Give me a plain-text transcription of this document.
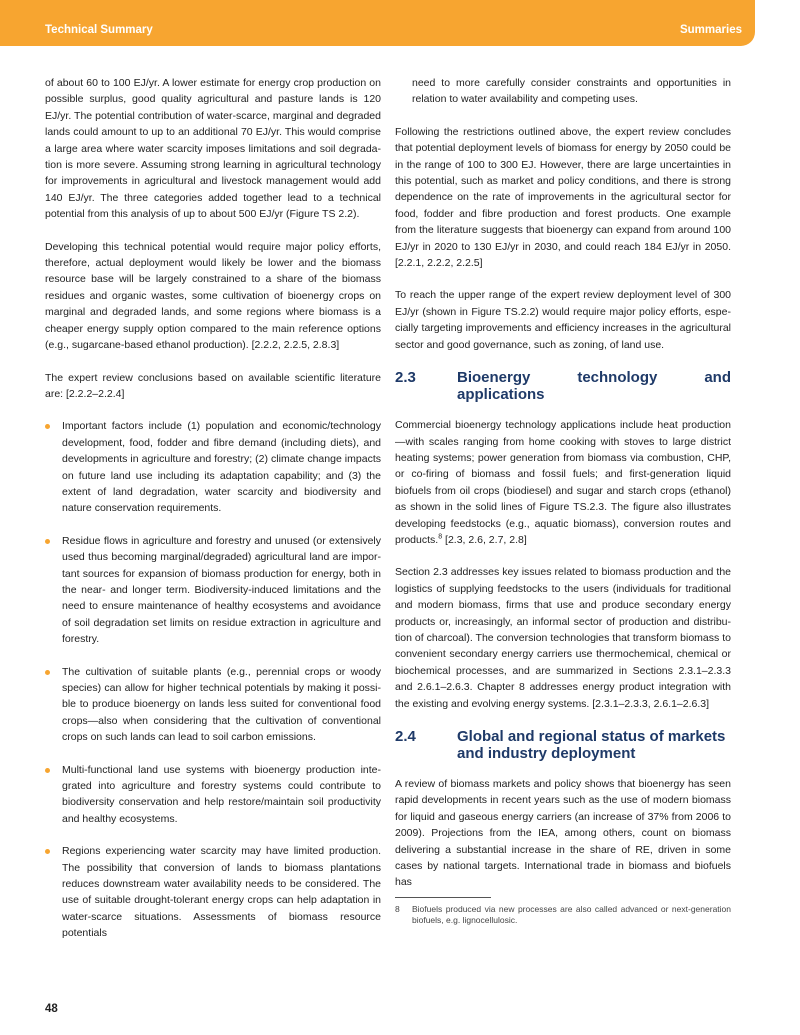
Technical Summary	Summaries

of about 60 to 100 EJ/yr. A lower estimate for energy crop production on possible surplus, good quality agricultural and pasture lands is 120 EJ/yr. The potential contribution of water-scarce, marginal and degraded lands could amount to up to an additional 70 EJ/yr. This would comprise a large area where water scarcity imposes limitations and soil degradation is more severe. Assuming strong learning in agricultural technology for improvements in agricultural and livestock management would add 140 EJ/yr. The three categories added together lead to a technical potential from this analysis of up to about 500 EJ/yr (Figure TS 2.2).

Developing this technical potential would require major policy efforts, therefore, actual deployment would likely be lower and the biomass resource base will be largely constrained to a share of the biomass residues and organic wastes, some cultivation of bioenergy crops on marginal and degraded lands, and some regions where biomass is a cheaper energy supply option compared to the main reference options (e.g., sugarcane-based ethanol production). [2.2.2, 2.2.5, 2.8.3]

The expert review conclusions based on available scientific literature are: [2.2.2–2.2.4]

Important factors include (1) population and economic/technology development, food, fodder and fibre demand (including diets), and developments in agriculture and forestry; (2) climate change impacts on future land use including its adaptation capability; and (3) the extent of land degradation, water scarcity and biodiversity and nature conservation requirements.
Residue flows in agriculture and forestry and unused (or extensively used thus becoming marginal/degraded) agricultural land are important sources for expansion of biomass production for energy, both in the near- and longer term. Biodiversity-induced limitations and the need to ensure maintenance of healthy ecosystems and avoidance of soil degradation set limits on residue extraction in agriculture and forestry.
The cultivation of suitable plants (e.g., perennial crops or woody species) can allow for higher technical potentials by making it possible to produce bioenergy on lands less suited for conventional food crops—also when considering that the cultivation of conventional crops on such lands can lead to soil carbon emissions.
Multi-functional land use systems with bioenergy production integrated into agriculture and forestry systems could contribute to biodiversity conservation and help restore/maintain soil productivity and healthy ecosystems.
Regions experiencing water scarcity may have limited production. The possibility that conversion of lands to biomass plantations reduces downstream water availability needs to be considered. The use of suitable drought-tolerant energy crops can help adaptation in water-scarce situations. Assessments of biomass resource potentials

need to more carefully consider constraints and opportunities in relation to water availability and competing uses.

Following the restrictions outlined above, the expert review concludes that potential deployment levels of biomass for energy by 2050 could be in the range of 100 to 300 EJ. However, there are large uncertainties in this potential, such as market and policy conditions, and there is strong dependence on the rate of improvements in the agricultural sector for food, fodder and fibre production and forest products. One example from the literature suggests that bioenergy can expand from around 100 EJ/yr in 2020 to 130 EJ/yr in 2030, and could reach 184 EJ/yr in 2050. [2.2.1, 2.2.2, 2.2.5]

To reach the upper range of the expert review deployment level of 300 EJ/yr (shown in Figure TS.2.2) would require major policy efforts, especially targeting improvements and efficiency increases in the agricultural sector and good governance, such as zoning, of land use.

2.3	Bioenergy technology and applications

Commercial bioenergy technology applications include heat production—with scales ranging from home cooking with stoves to large district heating systems; power generation from biomass via combustion, CHP, or co-firing of biomass and fossil fuels; and first-generation liquid biofuels from oil crops (biodiesel) and sugar and starch crops (ethanol) as shown in the solid lines of Figure TS.2.3. The figure also illustrates developing feedstocks (e.g., aquatic biomass), conversion routes and products.$^8$ [2.3, 2.6, 2.7, 2.8]

Section 2.3 addresses key issues related to biomass production and the logistics of supplying feedstocks to the users (individuals for traditional and modern biomass, firms that use and produce secondary energy products or, increasingly, an informal sector of production and distribution of charcoal). The conversion technologies that transform biomass to convenient secondary energy carriers use thermochemical, chemical or biochemical processes, and are summarized in Sections 2.3.1–2.3.3 and 2.6.1–2.6.3. Chapter 8 addresses energy product integration with the existing and evolving energy systems. [2.3.1–2.3.3, 2.6.1–2.6.3]

2.4	Global and regional status of markets
and industry deployment

A review of biomass markets and policy shows that bioenergy has seen rapid developments in recent years such as the use of modern biomass for liquid and gaseous energy carriers (an increase of 37% from 2006 to 2009). Projections from the IEA, among others, count on biomass delivering a substantial increase in the share of RE, driven in some cases by national targets. International trade in biomass and biofuels has

8	Biofuels produced via new processes are also called advanced or next-generation biofuels, e.g. lignocellulosic.
48
